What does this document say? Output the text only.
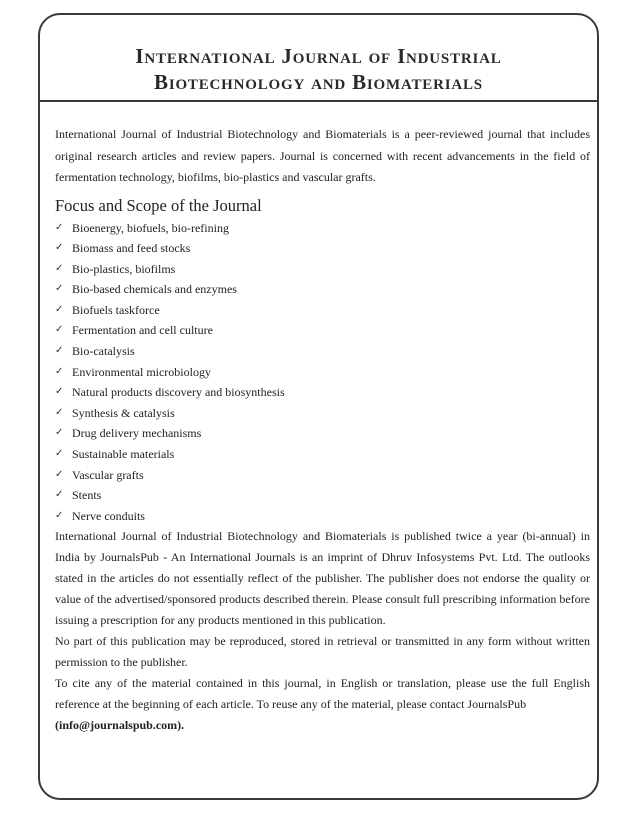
International Journal of Industrial
Biotechnology and Biomaterials

International Journal of Industrial Biotechnology and Biomaterials is a peer-reviewed journal that includes original research articles and review papers. Journal is concerned with recent advancements in the field of fermentation technology, biofilms, bio-plastics and vascular grafts.

Focus and Scope of the Journal
✓ Bioenergy, biofuels, bio-refining
✓ Biomass and feed stocks
✓ Bio-plastics, biofilms
✓ Bio-based chemicals and enzymes
✓ Biofuels taskforce
✓ Fermentation and cell culture
✓ Bio-catalysis
✓ Environmental microbiology
✓ Natural products discovery and biosynthesis
✓ Synthesis & catalysis
✓ Drug delivery mechanisms
✓ Sustainable materials
✓ Vascular grafts
✓ Stents
✓ Nerve conduits

International Journal of Industrial Biotechnology and Biomaterials is published twice a year (bi-annual) in India by JournalsPub - An International Journals is an imprint of Dhruv Infosystems Pvt. Ltd. The outlooks stated in the articles do not essentially reflect of the publisher. The publisher does not endorse the quality or value of the advertised/sponsored products described therein. Please consult full prescribing information before issuing a prescription for any products mentioned in this publication.

No part of this publication may be reproduced, stored in retrieval or transmitted in any form without written permission to the publisher.

To cite any of the material contained in this journal, in English or translation, please use the full English reference at the beginning of each article. To reuse any of the material, please contact JournalsPub
(info@journalspub.com).
